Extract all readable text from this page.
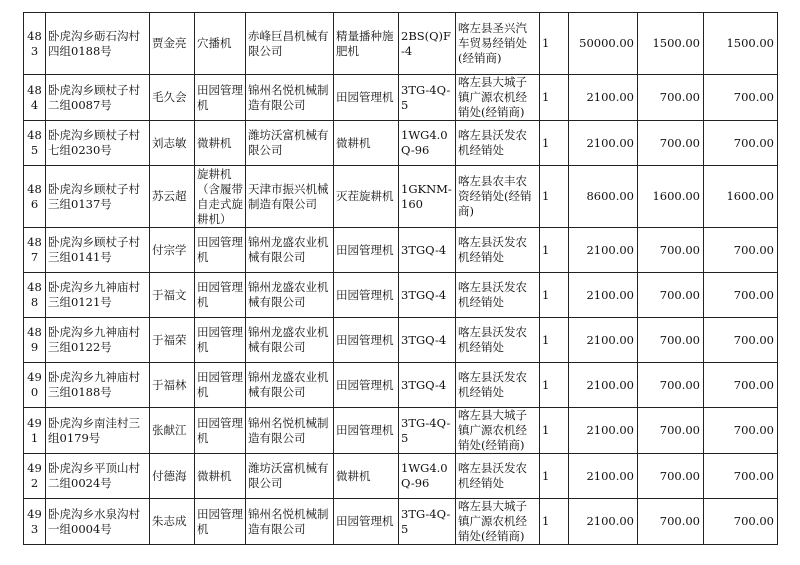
483	卧虎沟乡砺石沟村四组0188号	贾金亮	穴播机	赤峰巨昌机械有限公司	精量播种施肥机	2BS(Q)F-4	喀左县圣兴汽车贸易经销处(经销商)	1	50000.00	1500.00	1500.00
484	卧虎沟乡顾杖子村二组0087号	毛久会	田园管理机	锦州名悦机械制造有限公司	田园管理机	3TG-4Q-5	喀左县大城子镇广源农机经销处(经销商)	1	2100.00	700.00	700.00
485	卧虎沟乡顾杖子村七组0230号	刘志敏	微耕机	潍坊沃富机械有限公司	微耕机	1WG4.0Q-96	喀左县沃发农机经销处	1	2100.00	700.00	700.00
486	卧虎沟乡顾杖子村三组0137号	苏云超	旋耕机（含履带自走式旋耕机）	天津市振兴机械制造有限公司	灭茬旋耕机	1GKNM-160	喀左县农丰农资经销处(经销商)	1	8600.00	1600.00	1600.00
487	卧虎沟乡顾杖子村三组0141号	付宗学	田园管理机	锦州龙盛农业机械有限公司	田园管理机	3TGQ-4	喀左县沃发农机经销处	1	2100.00	700.00	700.00
488	卧虎沟乡九神庙村三组0121号	于福文	田园管理机	锦州龙盛农业机械有限公司	田园管理机	3TGQ-4	喀左县沃发农机经销处	1	2100.00	700.00	700.00
489	卧虎沟乡九神庙村三组0122号	于福荣	田园管理机	锦州龙盛农业机械有限公司	田园管理机	3TGQ-4	喀左县沃发农机经销处	1	2100.00	700.00	700.00
490	卧虎沟乡九神庙村三组0188号	于福林	田园管理机	锦州龙盛农业机械有限公司	田园管理机	3TGQ-4	喀左县沃发农机经销处	1	2100.00	700.00	700.00
491	卧虎沟乡南洼村三组0179号	张献江	田园管理机	锦州名悦机械制造有限公司	田园管理机	3TG-4Q-5	喀左县大城子镇广源农机经销处(经销商)	1	2100.00	700.00	700.00
492	卧虎沟乡平顶山村二组0024号	付德海	微耕机	潍坊沃富机械有限公司	微耕机	1WG4.0Q-96	喀左县沃发农机经销处	1	2100.00	700.00	700.00
493	卧虎沟乡水泉沟村一组0004号	朱志成	田园管理机	锦州名悦机械制造有限公司	田园管理机	3TG-4Q-5	喀左县大城子镇广源农机经销处(经销商)	1	2100.00	700.00	700.00
